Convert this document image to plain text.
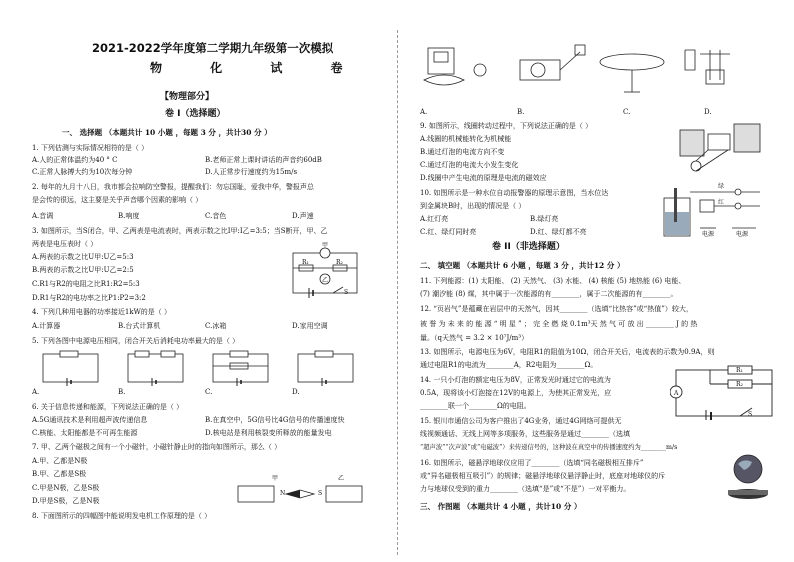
2021-2022学年度第二学期九年级第一次模拟
物 化 试 卷
【物理部分】
卷 I（选择题）
一、 选择题 （本题共计 10 小题 ，每题 3 分 ，共计30 分 ）
1. 下列估测与实际情况相符的是（ ）
A.人的正常体温约为40 ° C	B.老师正常上课时讲话的声音约60dB
C.正常人脉搏大约为10次每分钟	D.人正常步行速度约为15m/s
2. 每年的九月十八日，我市都会拉响防空警报，提醒我们：勿忘国耻，爱我中华，警报声总
是会传的很远，这主要是关乎声音哪个因素的影响（ ）
A.音调	B.响度	C.音色	D.声速
3. 如图所示，当S闭合，甲、乙两表是电流表时，两表示数之比I甲:I乙=3:5；当S断开，甲、乙
两表是电压表时（ ）
A.两表的示数之比U甲:U乙=5:3
B.两表的示数之比U甲:U乙=2:5
C.R1与R2的电阻之比R1:R2=5:3
D.R1与R2的电功率之比P1:P2=3:2
甲
乙
R₁	R₂
S
4. 下列几种用电器的功率接近1kW的是（ ）
A.计算器	B.台式计算机	C.冰箱	D.家用空调
5. 下列各图中电源电压相同，闭合开关后消耗电功率最大的是（ ）
A.	B.	C.	D.
6. 关于信息传递和能源，下列说法正确的是（ ）
A.5G通讯技术是利用超声波传递信息	B.在真空中，5G信号比4G信号的传播速度快
C.核能、太阳能都是不可再生能源	D.核电站是利用核裂变所释放的能量发电
7. 甲、乙两个磁极之间有一个小磁针，小磁针静止时的指向如图所示，那么（ ）
A.甲、乙都是N极
B.甲、乙都是S极
C.甲是N极，乙是S极
D.甲是S极，乙是N极
甲	乙
N	S
8. 下面图所示的四幅图中能说明发电机工作原理的是（ ）
A.	B.	C.	D.
9. 如图所示，线圈转动过程中，下列说法正确的是（ ）
A.线圈的机械能转化为机械能
B.通过灯泡的电流方向不变
C.通过灯泡的电流大小发生变化
D.线圈中产生电流的原理是电流的磁效应
10. 如图所示是一种水位自动报警器的原理示意图，当水位达
到金属块B时，出现的情况是（ ）
A.红灯亮	B.绿灯亮
C.红、绿灯同时亮	D.红、绿灯都不亮
绿
红
电源	电源
卷 II（非选择题）
二、 填空题 （本题共计 6 小题 ，每题 3 分 ，共计12 分 ）
11. 下列能源：(1) 太阳能、 (2) 天然气、 (3) 水能、 (4) 核能 (5) 地热能 (6) 电能、
(7) 潮汐能 (8) 煤，其中属于一次能源的有________，属于二次能源的有________。
12. “页岩气”是蕴藏在岩层中的天然气，因其________（选填“比热容”或“热值”）较大，
被 誉 为 未 来 的 能 源 “ 明 星 ” ； 完 全 燃 烧 0.1m³天 然 气 可 放 出 ________ J 的 热
量。（q天然气 = 3.2 × 10⁷J/m³）
13. 如图所示，电源电压为6V，电阻R1的阻值为10Ω，闭合开关后，电流表的示数为0.9A，则
通过电阻R1的电流为________A，R2电阻为________Ω。
R₁
R₂
A
S
14. 一只小灯泡的额定电压为8V，正常发光时通过它的电流为
0.5A，现将该小灯泡接在12V的电源上，为使其正常发光，应
________联一个________Ω的电阻。
15. 银川市通信公司为客户推出了4G业务，通过4G网络可提供无
线视频通话、无线上网等多项服务，这些服务是通过________（选填
“超声波”“次声波”或“电磁波”）来传递信号的，这种波在真空中的传播速度约为________m/s
16. 如图所示，磁悬浮地球仪应用了________（选填“同名磁极相互排斥”
或“异名磁极相互吸引”）的规律；磁悬浮地球仪悬浮静止时，底座对地球仪的斥
力与地球仪受到的重力________（选填“是”或“不是”）一对平衡力。
三、 作图题 （本题共计 4 小题 ，共计10 分 ）
